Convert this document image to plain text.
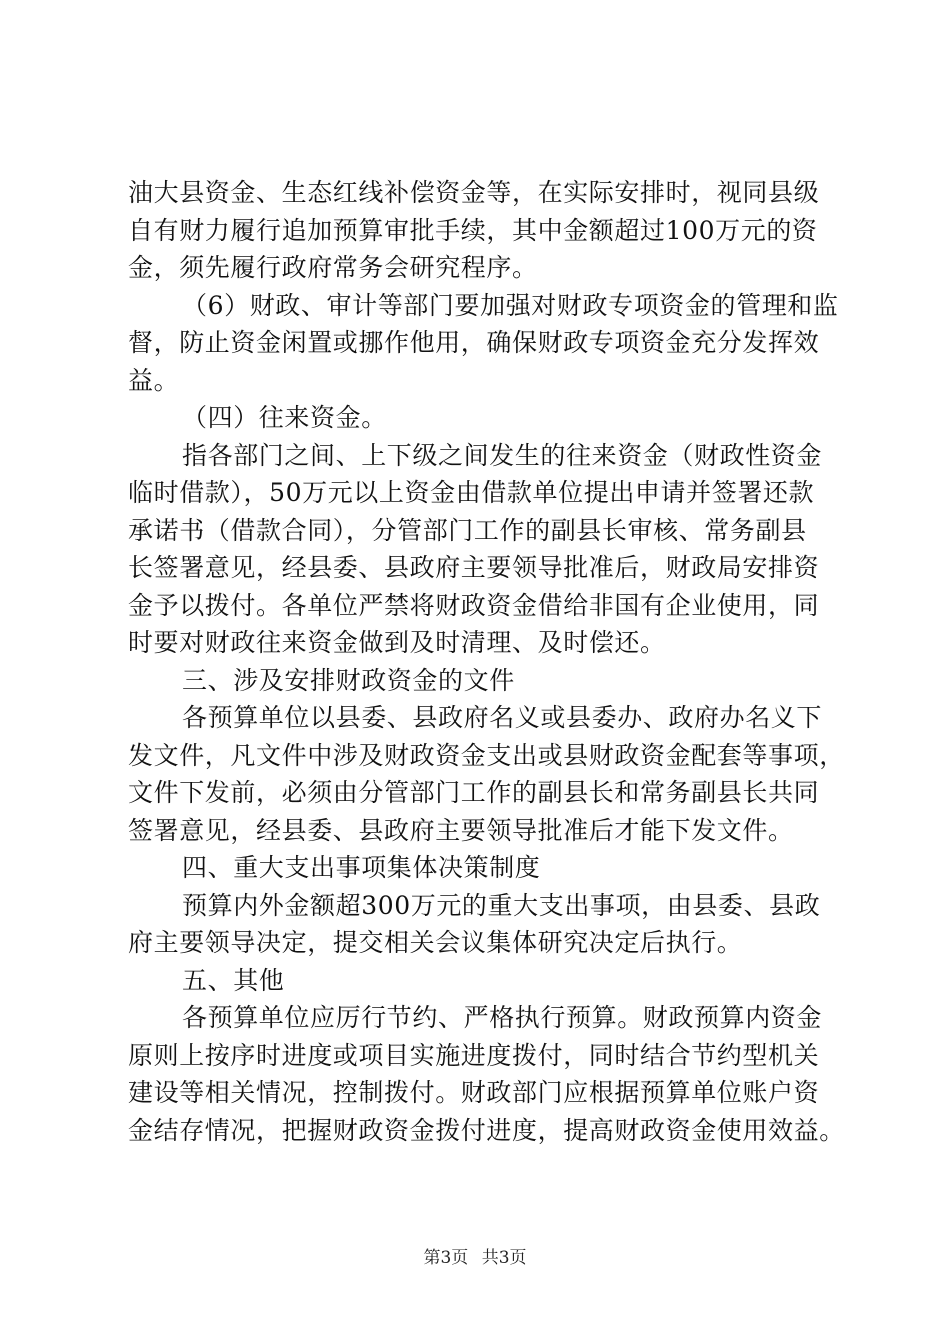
油大县资金、生态红线补偿资金等，在实际安排时，视同县级
自有财力履行追加预算审批手续，其中金额超过100万元的资
金，须先履行政府常务会研究程序。
（6）财政、审计等部门要加强对财政专项资金的管理和监
督，防止资金闲置或挪作他用，确保财政专项资金充分发挥效
益。
（四）往来资金。
指各部门之间、上下级之间发生的往来资金（财政性资金
临时借款），50万元以上资金由借款单位提出申请并签署还款
承诺书（借款合同），分管部门工作的副县长审核、常务副县
长签署意见，经县委、县政府主要领导批准后，财政局安排资
金予以拨付。各单位严禁将财政资金借给非国有企业使用，同
时要对财政往来资金做到及时清理、及时偿还。
三、涉及安排财政资金的文件
各预算单位以县委、县政府名义或县委办、政府办名义下
发文件，凡文件中涉及财政资金支出或县财政资金配套等事项，
文件下发前，必须由分管部门工作的副县长和常务副县长共同
签署意见，经县委、县政府主要领导批准后才能下发文件。
四、重大支出事项集体决策制度
预算内外金额超300万元的重大支出事项，由县委、县政
府主要领导决定，提交相关会议集体研究决定后执行。
五、其他
各预算单位应厉行节约、严格执行预算。财政预算内资金
原则上按序时进度或项目实施进度拨付，同时结合节约型机关
建设等相关情况，控制拨付。财政部门应根据预算单位账户资
金结存情况，把握财政资金拨付进度，提高财政资金使用效益。
第3页 共3页
